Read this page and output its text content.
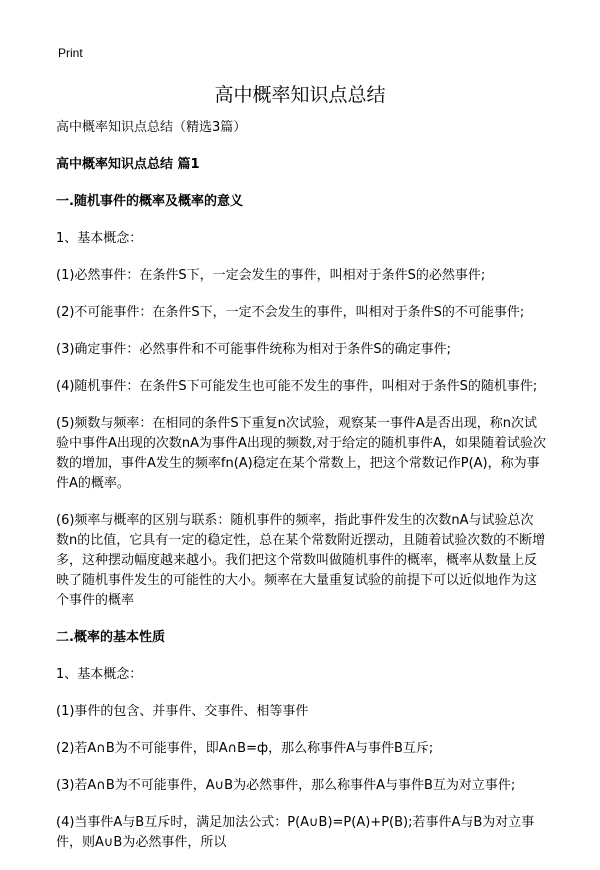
Print
高中概率知识点总结

高中概率知识点总结（精选3篇）

高中概率知识点总结 篇1

一.随机事件的概率及概率的意义

1、基本概念：

(1)必然事件：在条件S下，一定会发生的事件，叫相对于条件S的必然事件;

(2)不可能事件：在条件S下，一定不会发生的事件，叫相对于条件S的不可能事件;

(3)确定事件：必然事件和不可能事件统称为相对于条件S的确定事件;

(4)随机事件：在条件S下可能发生也可能不发生的事件，叫相对于条件S的随机事件;

(5)频数与频率：在相同的条件S下重复n次试验，观察某一事件A是否出现，称n次试验中事件A出现的次数nA为事件A出现的频数,对于给定的随机事件A，如果随着试验次数的增加，事件A发生的频率fn(A)稳定在某个常数上，把这个常数记作P(A)，称为事件A的概率。

(6)频率与概率的区别与联系：随机事件的频率，指此事件发生的次数nA与试验总次数n的比值，它具有一定的稳定性，总在某个常数附近摆动，且随着试验次数的不断增多，这种摆动幅度越来越小。我们把这个常数叫做随机事件的概率，概率从数量上反映了随机事件发生的可能性的大小。频率在大量重复试验的前提下可以近似地作为这个事件的概率

二.概率的基本性质

1、基本概念：

(1)事件的包含、并事件、交事件、相等事件

(2)若A∩B为不可能事件，即A∩B=ф，那么称事件A与事件B互斥;

(3)若A∩B为不可能事件，A∪B为必然事件，那么称事件A与事件B互为对立事件;

(4)当事件A与B互斥时，满足加法公式：P(A∪B)=P(A)+P(B);若事件A与B为对立事件，则A∪B为必然事件，所以
